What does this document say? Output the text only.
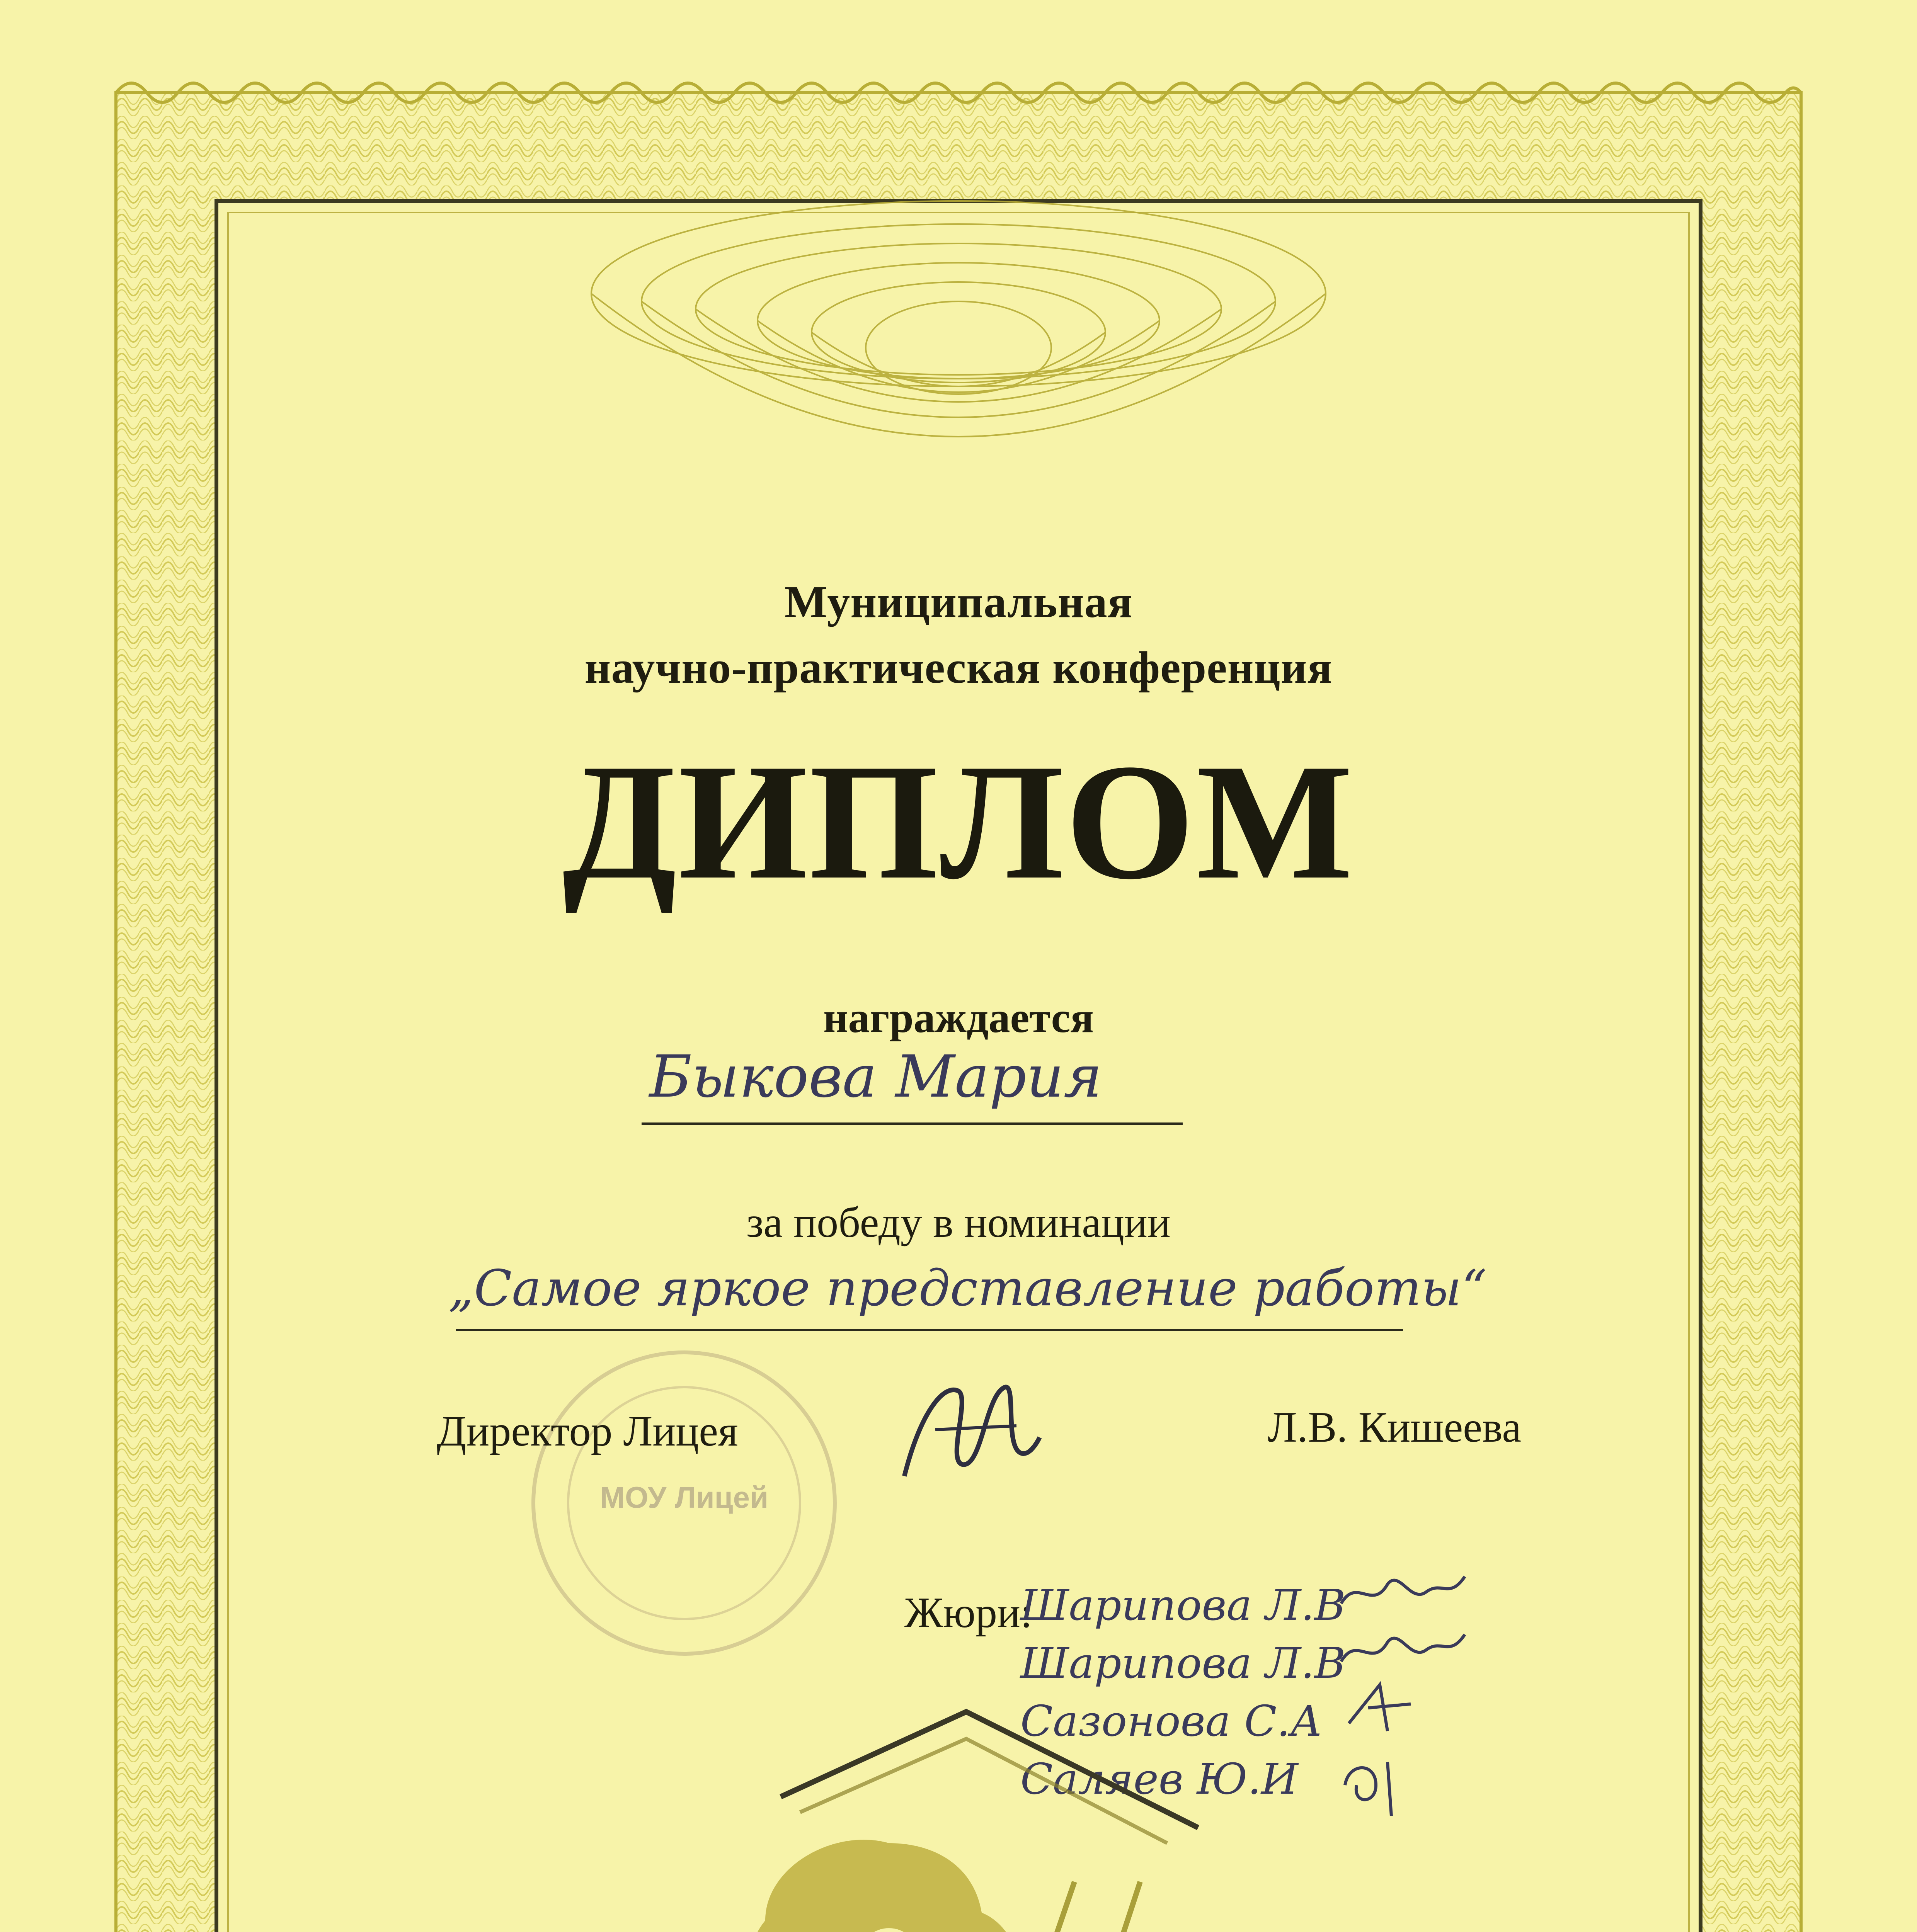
Муниципальная
научно-практическая конференция
ДИПЛОМ
награждается
Быкова Мария
за победу в номинации
„Самое яркое представление работы“
МОУ Лицей
Директор Лицея	Л.В. Кишеева
Жюри:
Шарипова Л.В
Шарипова Л.В
Сазонова С.А
Саляев Ю.И
